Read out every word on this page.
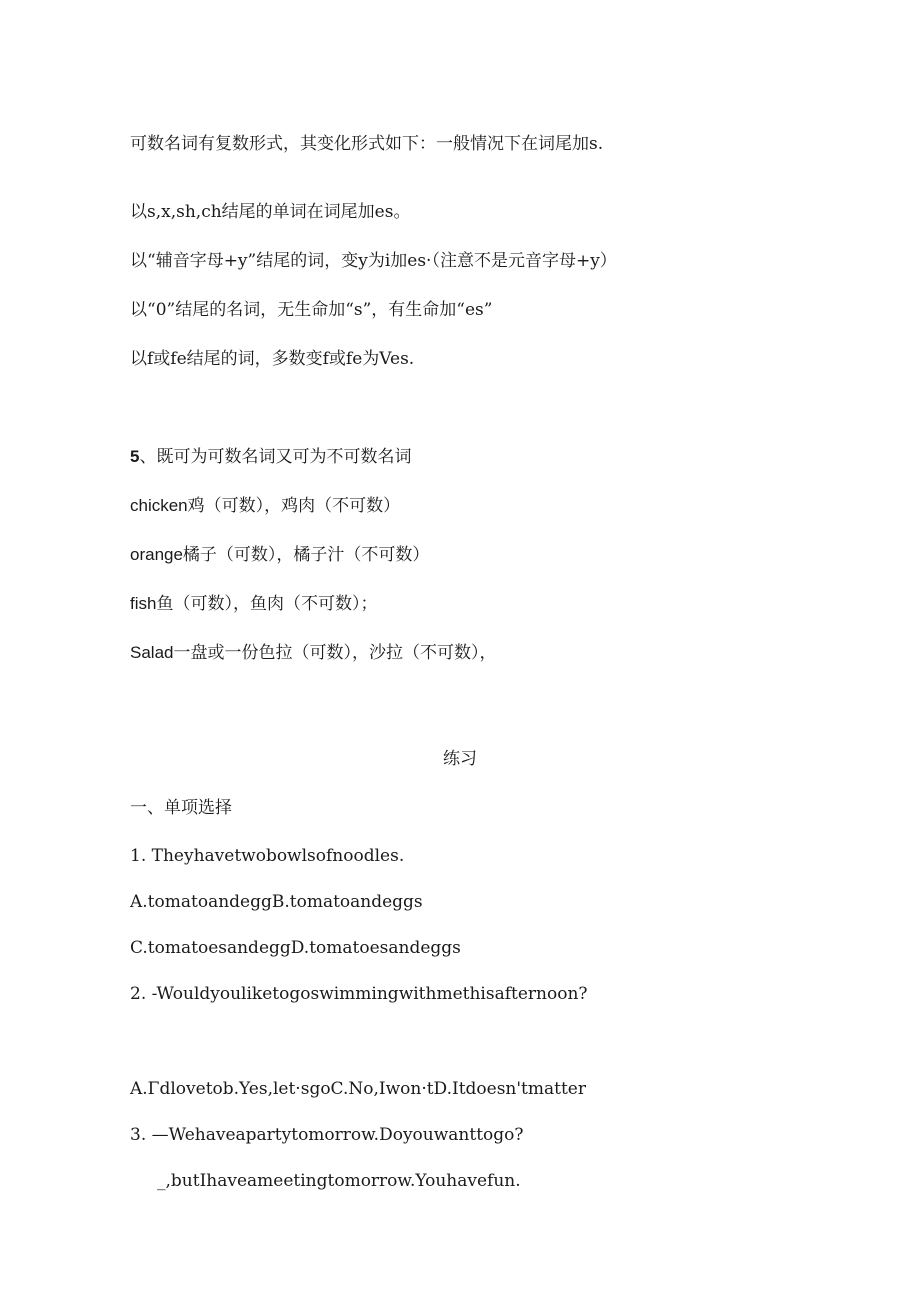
可数名词有复数形式，其变化形式如下：一般情况下在词尾加s.
以s,x,sh,ch结尾的单词在词尾加es。
以“辅音字母+y”结尾的词，变y为i加es·（注意不是元音字母+y）
以“0”结尾的名词，无生命加“s”，有生命加“es”
以f或fe结尾的词，多数变f或fe为Ves.
5、既可为可数名词又可为不可数名词
chicken鸡（可数），鸡肉（不可数）
orange橘子（可数），橘子汁（不可数）
fish鱼（可数），鱼肉（不可数）；
Salad一盘或一份色拉（可数），沙拉（不可数），
练习
一、单项选择
1. Theyhavetwobowlsofnoodles.
A.tomatoandeggB.tomatoandeggs
C.tomatoesandeggD.tomatoesandeggs
2. -Wouldyouliketogoswimmingwithmethisafternoon?
A.Γdlovetob.Yes,let·sgoC.No,Iwon·tD.Itdoesn'tmatter
3. —Wehaveapartytomorrow.Doyouwanttogo?
_,butIhaveameetingtomorrow.Youhavefun.
